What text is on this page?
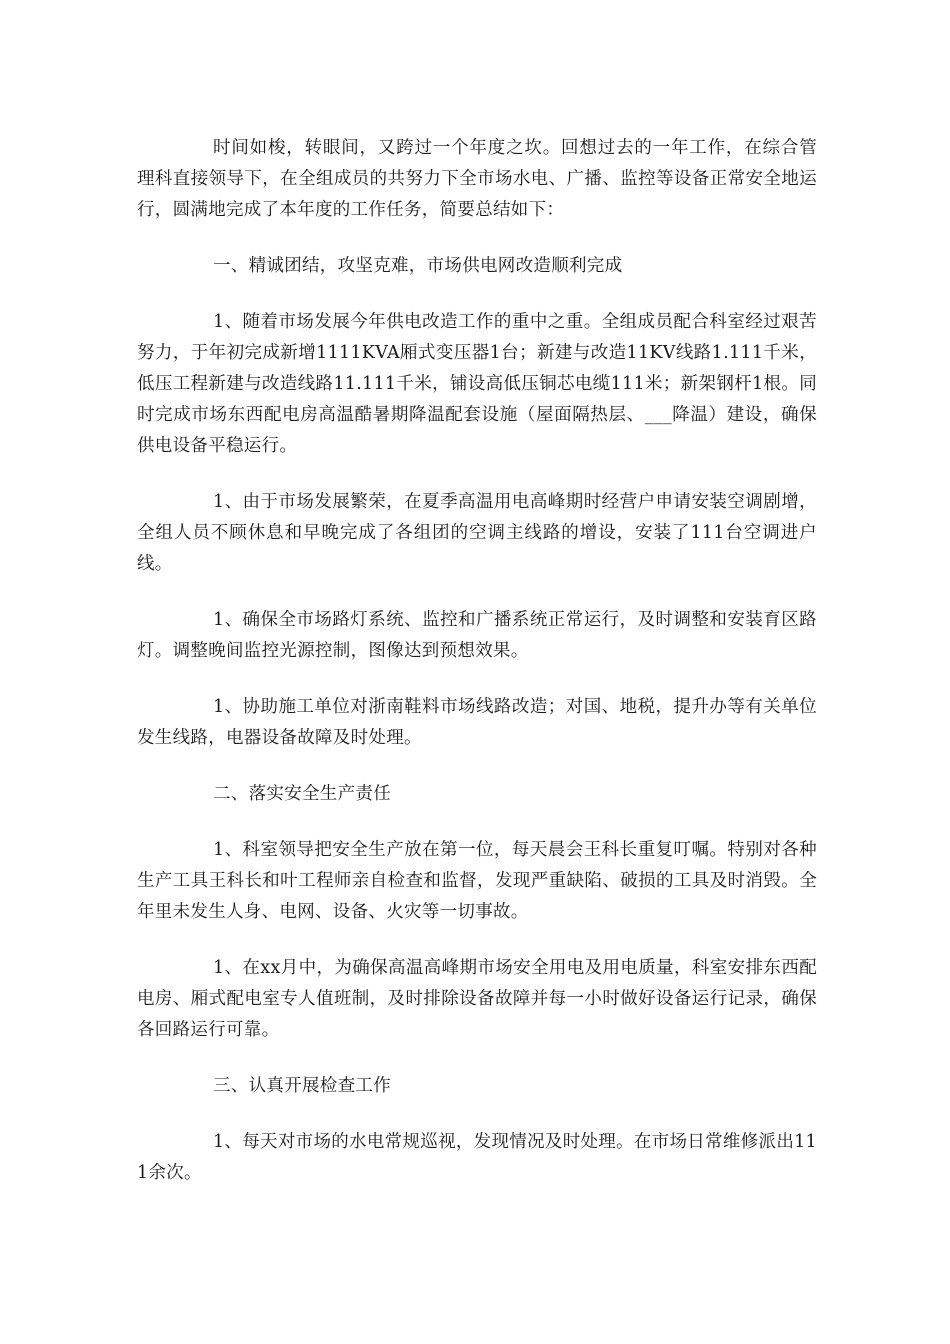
时间如梭，转眼间，又跨过一个年度之坎。回想过去的一年工作，在综合管理科直接领导下，在全组成员的共努力下全市场水电、广播、监控等设备正常安全地运行，圆满地完成了本年度的工作任务，简要总结如下：

一、精诚团结，攻坚克难，市场供电网改造顺利完成

1、随着市场发展今年供电改造工作的重中之重。全组成员配合科室经过艰苦努力，于年初完成新增1111KVA厢式变压器1台；新建与改造11KV线路1.111千米，低压工程新建与改造线路11.111千米，铺设高低压铜芯电缆111米；新架钢杆1根。同时完成市场东西配电房高温酷暑期降温配套设施（屋面隔热层、___降温）建设，确保供电设备平稳运行。

1、由于市场发展繁荣，在夏季高温用电高峰期时经营户申请安装空调剧增，全组人员不顾休息和早晚完成了各组团的空调主线路的增设，安装了111台空调进户线。

1、确保全市场路灯系统、监控和广播系统正常运行，及时调整和安装育区路灯。调整晚间监控光源控制，图像达到预想效果。

1、协助施工单位对浙南鞋料市场线路改造；对国、地税，提升办等有关单位发生线路，电器设备故障及时处理。

二、落实安全生产责任

1、科室领导把安全生产放在第一位，每天晨会王科长重复叮嘱。特别对各种生产工具王科长和叶工程师亲自检查和监督，发现严重缺陷、破损的工具及时消毁。全年里未发生人身、电网、设备、火灾等一切事故。

1、在xx月中，为确保高温高峰期市场安全用电及用电质量，科室安排东西配电房、厢式配电室专人值班制，及时排除设备故障并每一小时做好设备运行记录，确保各回路运行可靠。

三、认真开展检查工作

1、每天对市场的水电常规巡视，发现情况及时处理。在市场日常维修派出111余次。
